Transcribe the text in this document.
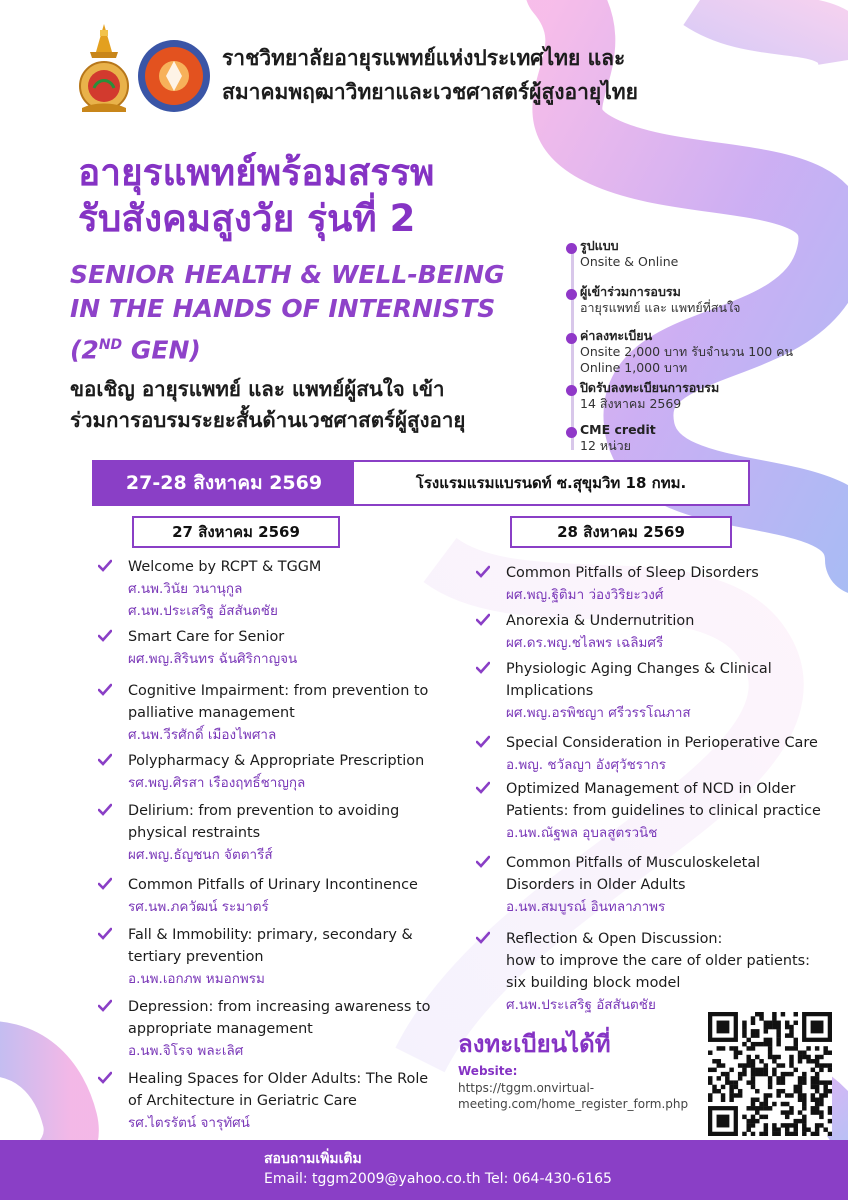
ราชวิทยาลัยอายุรแพทย์แห่งประเทศไทย และ
สมาคมพฤฒาวิทยาและเวชศาสตร์ผู้สูงอายุไทย
อายุรแพทย์พร้อมสรรพ
รับสังคมสูงวัย รุ่นที่ 2
SENIOR HEALTH & WELL-BEING
IN THE HANDS OF INTERNISTS
(2ND GEN)
ขอเชิญ อายุรแพทย์ และ แพทย์ผู้สนใจ เข้า
ร่วมการอบรมระยะสั้นด้านเวชศาสตร์ผู้สูงอายุ
รูปแบบ
Onsite & Online
ผู้เข้าร่วมการอบรม
อายุรแพทย์ และ แพทย์ที่สนใจ
ค่าลงทะเบียน
Onsite 2,000 บาท รับจำนวน 100 คน
Online 1,000 บาท
ปิดรับลงทะเบียนการอบรม
14 สิงหาคม 2569
CME credit
12 หน่วย
27-28 สิงหาคม 2569	โรงแรมแรมแบรนดท์ ซ.สุขุมวิท 18 กทม.
27 สิงหาคม 2569	28 สิงหาคม 2569
Welcome by RCPT & TGGM
ศ.นพ.วินัย วนานุกูล
ศ.นพ.ประเสริฐ อัสสันตชัย
Smart Care for Senior
ผศ.พญ.สิรินทร ฉันศิริกาญจน
Cognitive Impairment: from prevention to
palliative management
ศ.นพ.วีรศักดิ์ เมืองไพศาล
Polypharmacy & Appropriate Prescription
รศ.พญ.ศิรสา เรืองฤทธิ์ชาญกุล
Delirium: from prevention to avoiding
physical restraints
ผศ.พญ.ธัญชนก จัตตารีส์
Common Pitfalls of Urinary Incontinence
รศ.นพ.ภควัฒน์ ระมาตร์
Fall & Immobility: primary, secondary &
tertiary prevention
อ.นพ.เอกภพ หมอกพรม
Depression: from increasing awareness to
appropriate management
อ.นพ.จิโรจ พละเลิศ
Healing Spaces for Older Adults: The Role
of Architecture in Geriatric Care
รศ.ไตรรัตน์ จารุทัศน์
Common Pitfalls of Sleep Disorders
ผศ.พญ.ฐิติมา ว่องวิริยะวงศ์
Anorexia & Undernutrition
ผศ.ดร.พญ.ชไลพร เฉลิมศรี
Physiologic Aging Changes & Clinical
Implications
ผศ.พญ.อรพิชญา ศรีวรรโณภาส
Special Consideration in Perioperative Care
อ.พญ. ชวัลญา อังศุวัชรากร
Optimized Management of NCD in Older
Patients: from guidelines to clinical practice
อ.นพ.ณัฐพล อุบลสูตรวนิช
Common Pitfalls of Musculoskeletal
Disorders in Older Adults
อ.นพ.สมบูรณ์ อินทลาภาพร
Reflection & Open Discussion:
how to improve the care of older patients:
six building block model
ศ.นพ.ประเสริฐ อัสสันตชัย
ลงทะเบียนได้ที่
Website:
https://tggm.onvirtual-
meeting.com/home_register_form.php
สอบถามเพิ่มเติม
Email: tggm2009@yahoo.co.th Tel: 064-430-6165
